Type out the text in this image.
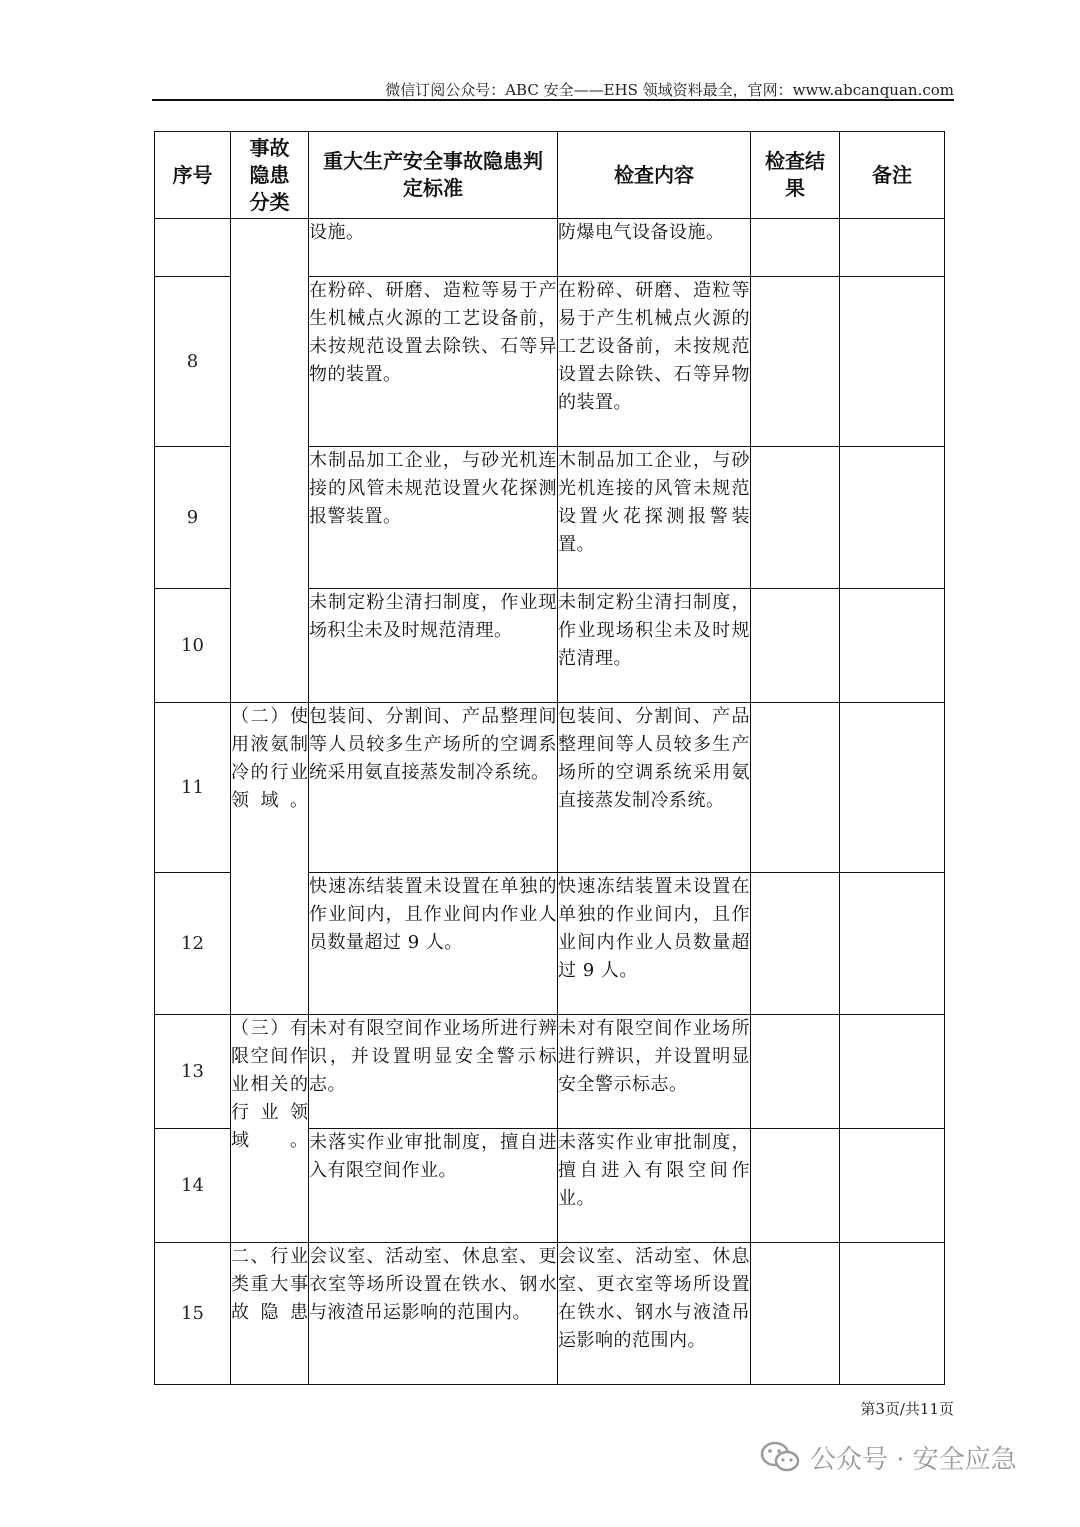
微信订阅公众号：ABC 安全——EHS 领域资料最全，官网：www.abcanquan.com
序号	事故隐患分类	重大生产安全事故隐患判定标准	检查内容	检查结果	备注

	设施。	防爆电气设备设施。		
8		在粉碎、研磨、造粒等易于产生机械点火源的工艺设备前，未按规范设置去除铁、石等异物的装置。	在粉碎、研磨、造粒等易于产生机械点火源的工艺设备前，未按规范设置去除铁、石等异物的装置。		
9		木制品加工企业，与砂光机连接的风管未规范设置火花探测报警装置。	木制品加工企业，与砂光机连接的风管未规范设置火花探测报警装置。		
10		未制定粉尘清扫制度，作业现场积尘未及时规范清理。	未制定粉尘清扫制度，作业现场积尘未及时规范清理。		
11	（二）使用液氨制冷的行业领域。	包装间、分割间、产品整理间等人员较多生产场所的空调系统采用氨直接蒸发制冷系统。	包装间、分割间、产品整理间等人员较多生产场所的空调系统采用氨直接蒸发制冷系统。		
12		快速冻结装置未设置在单独的作业间内，且作业间内作业人员数量超过 9 人。	快速冻结装置未设置在单独的作业间内，且作业间内作业人员数量超过 9 人。		
13	（三）有限空间作业相关的行业领域。	未对有限空间作业场所进行辨识，并设置明显安全警示标志。	未对有限空间作业场所进行辨识，并设置明显安全警示标志。		
14		未落实作业审批制度，擅自进入有限空间作业。	未落实作业审批制度，擅自进入有限空间作业。		
15	二、行业类重大事故隐患	会议室、活动室、休息室、更衣室等场所设置在铁水、钢水与液渣吊运影响的范围内。	会议室、活动室、休息室、更衣室等场所设置在铁水、钢水与液渣吊运影响的范围内。		
第3页/共11页
公众号 · 安全应急
